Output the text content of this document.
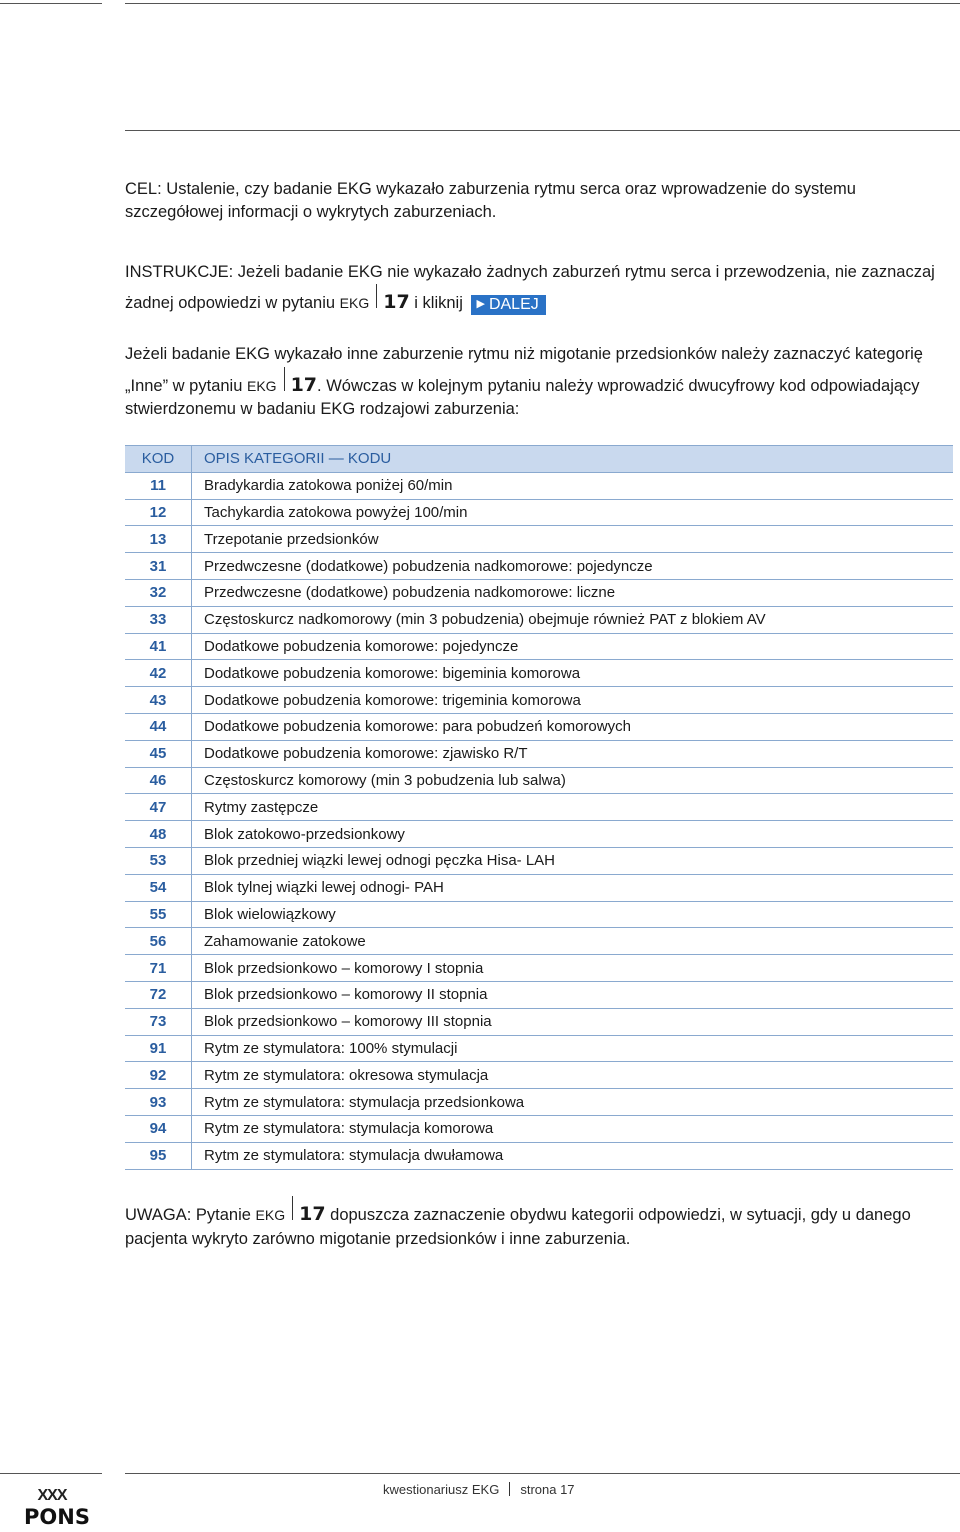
CEL: Ustalenie, czy badanie EKG wykazało zaburzenia rytmu serca oraz wprowadzenie do systemu szczegółowej informacji o wykrytych zaburzeniach.
INSTRUKCJE: Jeżeli badanie EKG nie wykazało żadnych zaburzeń rytmu serca i przewodzenia, nie zaznaczaj żadnej odpowiedzi w pytaniu EKG 17 i kliknij ▶ DALEJ
Jeżeli badanie EKG wykazało inne zaburzenie rytmu niż migotanie przedsionków należy zaznaczyć kategorię „Inne” w pytaniu EKG 17 . Wówczas w kolejnym pytaniu należy wprowadzić dwucyfrowy kod odpowiadający stwierdzonemu w badaniu EKG rodzajowi zaburzenia:
KOD	OPIS KATEGORII — KODU
11	Bradykardia zatokowa poniżej 60/min
12	Tachykardia zatokowa powyżej 100/min
13	Trzepotanie przedsionków
31	Przedwczesne (dodatkowe) pobudzenia nadkomorowe: pojedyncze
32	Przedwczesne (dodatkowe) pobudzenia nadkomorowe: liczne
33	Częstoskurcz nadkomorowy (min 3 pobudzenia) obejmuje również PAT z blokiem AV
41	Dodatkowe pobudzenia komorowe: pojedyncze
42	Dodatkowe pobudzenia komorowe: bigeminia komorowa
43	Dodatkowe pobudzenia komorowe: trigeminia komorowa
44	Dodatkowe pobudzenia komorowe: para pobudzeń komorowych
45	Dodatkowe pobudzenia komorowe: zjawisko R/T
46	Częstoskurcz komorowy (min 3 pobudzenia lub salwa)
47	Rytmy zastępcze
48	Blok zatokowo-przedsionkowy
53	Blok przedniej wiązki lewej odnogi pęczka Hisa- LAH
54	Blok tylnej wiązki lewej odnogi- PAH
55	Blok wielowiązkowy
56	Zahamowanie zatokowe
71	Blok przedsionkowo – komorowy I stopnia
72	Blok przedsionkowo – komorowy II stopnia
73	Blok przedsionkowo – komorowy III stopnia
91	Rytm ze stymulatora: 100% stymulacji
92	Rytm ze stymulatora: okresowa stymulacja
93	Rytm ze stymulatora: stymulacja przedsionkowa
94	Rytm ze stymulatora: stymulacja komorowa
95	Rytm ze stymulatora: stymulacja dwułamowa
UWAGA: Pytanie EKG 17 dopuszcza zaznaczenie obydwu kategorii odpowiedzi, w sytuacji, gdy u danego pacjenta wykryto zarówno migotanie przedsionków i inne zaburzenia.
XXX
PONS
kwestionariusz EKG strona 17
